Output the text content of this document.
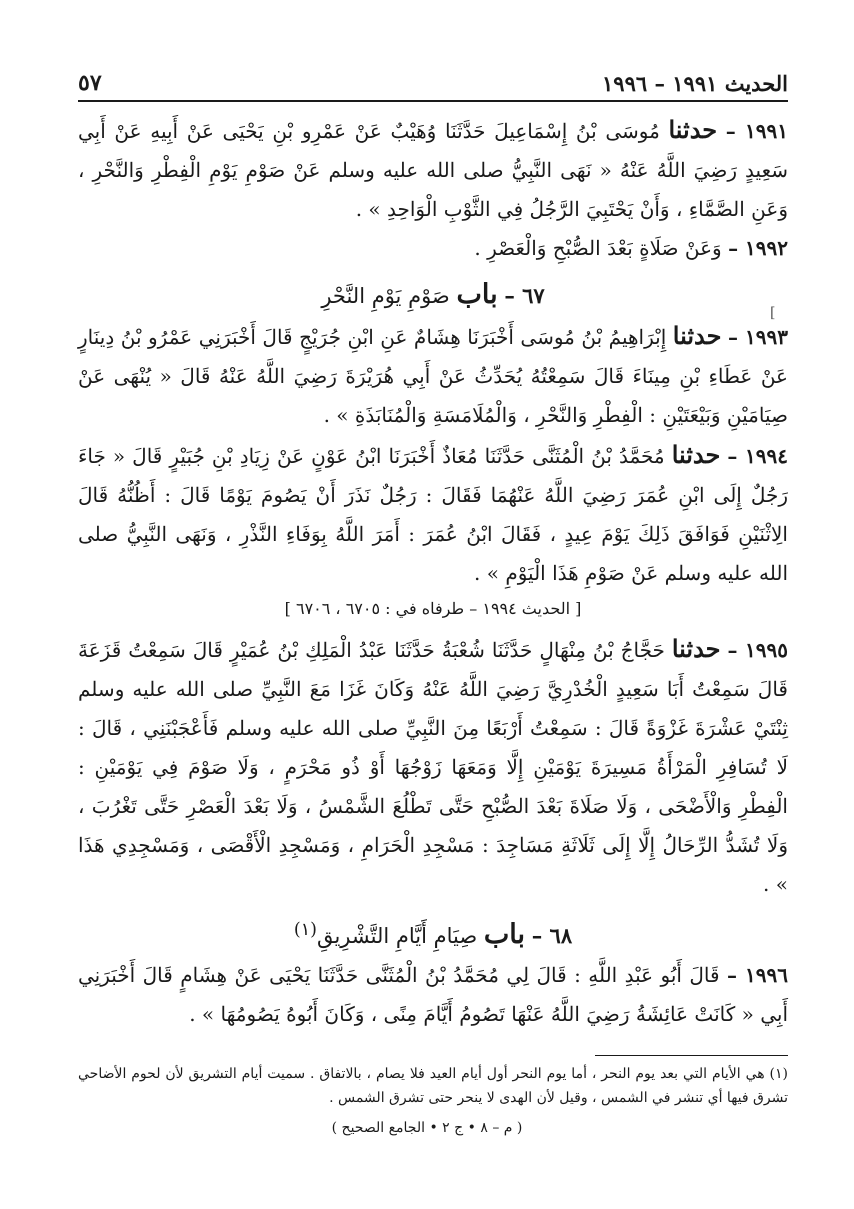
٥٧	الحديث ١٩٩١ – ١٩٩٦
[

١٩٩١ – حدثنا مُوسَى بْنُ إِسْمَاعِيلَ حَدَّثَنَا وُهَيْبٌ عَنْ عَمْرِو بْنِ يَحْيَى عَنْ أَبِيهِ عَنْ أَبِي سَعِيدٍ رَضِيَ اللَّهُ عَنْهُ « نَهَى النَّبِيُّ صلى الله عليه وسلم عَنْ صَوْمِ يَوْمِ الْفِطْرِ وَالنَّحْرِ ، وَعَنِ الصَّمَّاءِ ، وَأَنْ يَحْتَبِيَ الرَّجُلُ فِي الثَّوْبِ الْوَاحِدِ » .

١٩٩٢ – وَعَنْ صَلَاةٍ بَعْدَ الصُّبْحِ وَالْعَصْرِ .

٦٧ – باب صَوْمِ يَوْمِ النَّحْرِ

١٩٩٣ – حدثنا إِبْرَاهِيمُ بْنُ مُوسَى أَخْبَرَنَا هِشَامٌ عَنِ ابْنِ جُرَيْجٍ قَالَ أَخْبَرَنِي عَمْرُو بْنُ دِينَارٍ عَنْ عَطَاءِ بْنِ مِينَاءَ قَالَ سَمِعْتُهُ يُحَدِّثُ عَنْ أَبِي هُرَيْرَةَ رَضِيَ اللَّهُ عَنْهُ قَالَ « يُنْهَى عَنْ صِيَامَيْنِ وَبَيْعَتَيْنِ : الْفِطْرِ وَالنَّحْرِ ، وَالْمُلَامَسَةِ وَالْمُنَابَذَةِ » .

١٩٩٤ – حدثنا مُحَمَّدُ بْنُ الْمُثَنَّى حَدَّثَنَا مُعَاذٌ أَخْبَرَنَا ابْنُ عَوْنٍ عَنْ زِيَادِ بْنِ جُبَيْرٍ قَالَ « جَاءَ رَجُلٌ إِلَى ابْنِ عُمَرَ رَضِيَ اللَّهُ عَنْهُمَا فَقَالَ : رَجُلٌ نَذَرَ أَنْ يَصُومَ يَوْمًا قَالَ : أَظُنُّهُ قَالَ الِاثْنَيْنِ فَوَافَقَ ذَلِكَ يَوْمَ عِيدٍ ، فَقَالَ ابْنُ عُمَرَ : أَمَرَ اللَّهُ بِوَفَاءِ النَّذْرِ ، وَنَهَى النَّبِيُّ صلى الله عليه وسلم عَنْ صَوْمِ هَذَا الْيَوْمِ » .

[ الحديث ١٩٩٤ – طرفاه في : ٦٧٠٥ ، ٦٧٠٦ ]

١٩٩٥ – حدثنا حَجَّاجُ بْنُ مِنْهَالٍ حَدَّثَنَا شُعْبَةُ حَدَّثَنَا عَبْدُ الْمَلِكِ بْنُ عُمَيْرٍ قَالَ سَمِعْتُ قَزَعَةَ قَالَ سَمِعْتُ أَبَا سَعِيدٍ الْخُدْرِيَّ رَضِيَ اللَّهُ عَنْهُ وَكَانَ غَزَا مَعَ النَّبِيِّ صلى الله عليه وسلم ثِنْتَيْ عَشْرَةَ غَزْوَةً قَالَ : سَمِعْتُ أَرْبَعًا مِنَ النَّبِيِّ صلى الله عليه وسلم فَأَعْجَبْنَنِي ، قَالَ : لَا تُسَافِرِ الْمَرْأَةُ مَسِيرَةَ يَوْمَيْنِ إِلَّا وَمَعَهَا زَوْجُهَا أَوْ ذُو مَحْرَمٍ ، وَلَا صَوْمَ فِي يَوْمَيْنِ : الْفِطْرِ وَالْأَضْحَى ، وَلَا صَلَاةَ بَعْدَ الصُّبْحِ حَتَّى تَطْلُعَ الشَّمْسُ ، وَلَا بَعْدَ الْعَصْرِ حَتَّى تَغْرُبَ ، وَلَا تُشَدُّ الرِّحَالُ إِلَّا إِلَى ثَلَاثَةِ مَسَاجِدَ : مَسْجِدِ الْحَرَامِ ، وَمَسْجِدِ الْأَقْصَى ، وَمَسْجِدِي هَذَا » .

٦٨ – باب صِيَامِ أَيَّامِ التَّشْرِيقِ$^{(١)}$

١٩٩٦ – قَالَ أَبُو عَبْدِ اللَّهِ : قَالَ لِي مُحَمَّدُ بْنُ الْمُثَنَّى حَدَّثَنَا يَحْيَى عَنْ هِشَامٍ قَالَ أَخْبَرَنِي أَبِي « كَانَتْ عَائِشَةُ رَضِيَ اللَّهُ عَنْهَا تَصُومُ أَيَّامَ مِنًى ، وَكَانَ أَبُوهُ يَصُومُهَا » .

(١) هي الأيام التي بعد يوم النحر ، أما يوم النحر أول أيام العيد فلا يصام ، بالاتفاق . سميت أيام التشريق لأن لحوم الأضاحي تشرق فيها أي تنشر في الشمس ، وقيل لأن الهدى لا ينحر حتى تشرق الشمس .
( م – ٨ • ج ٢ • الجامع الصحيح )
